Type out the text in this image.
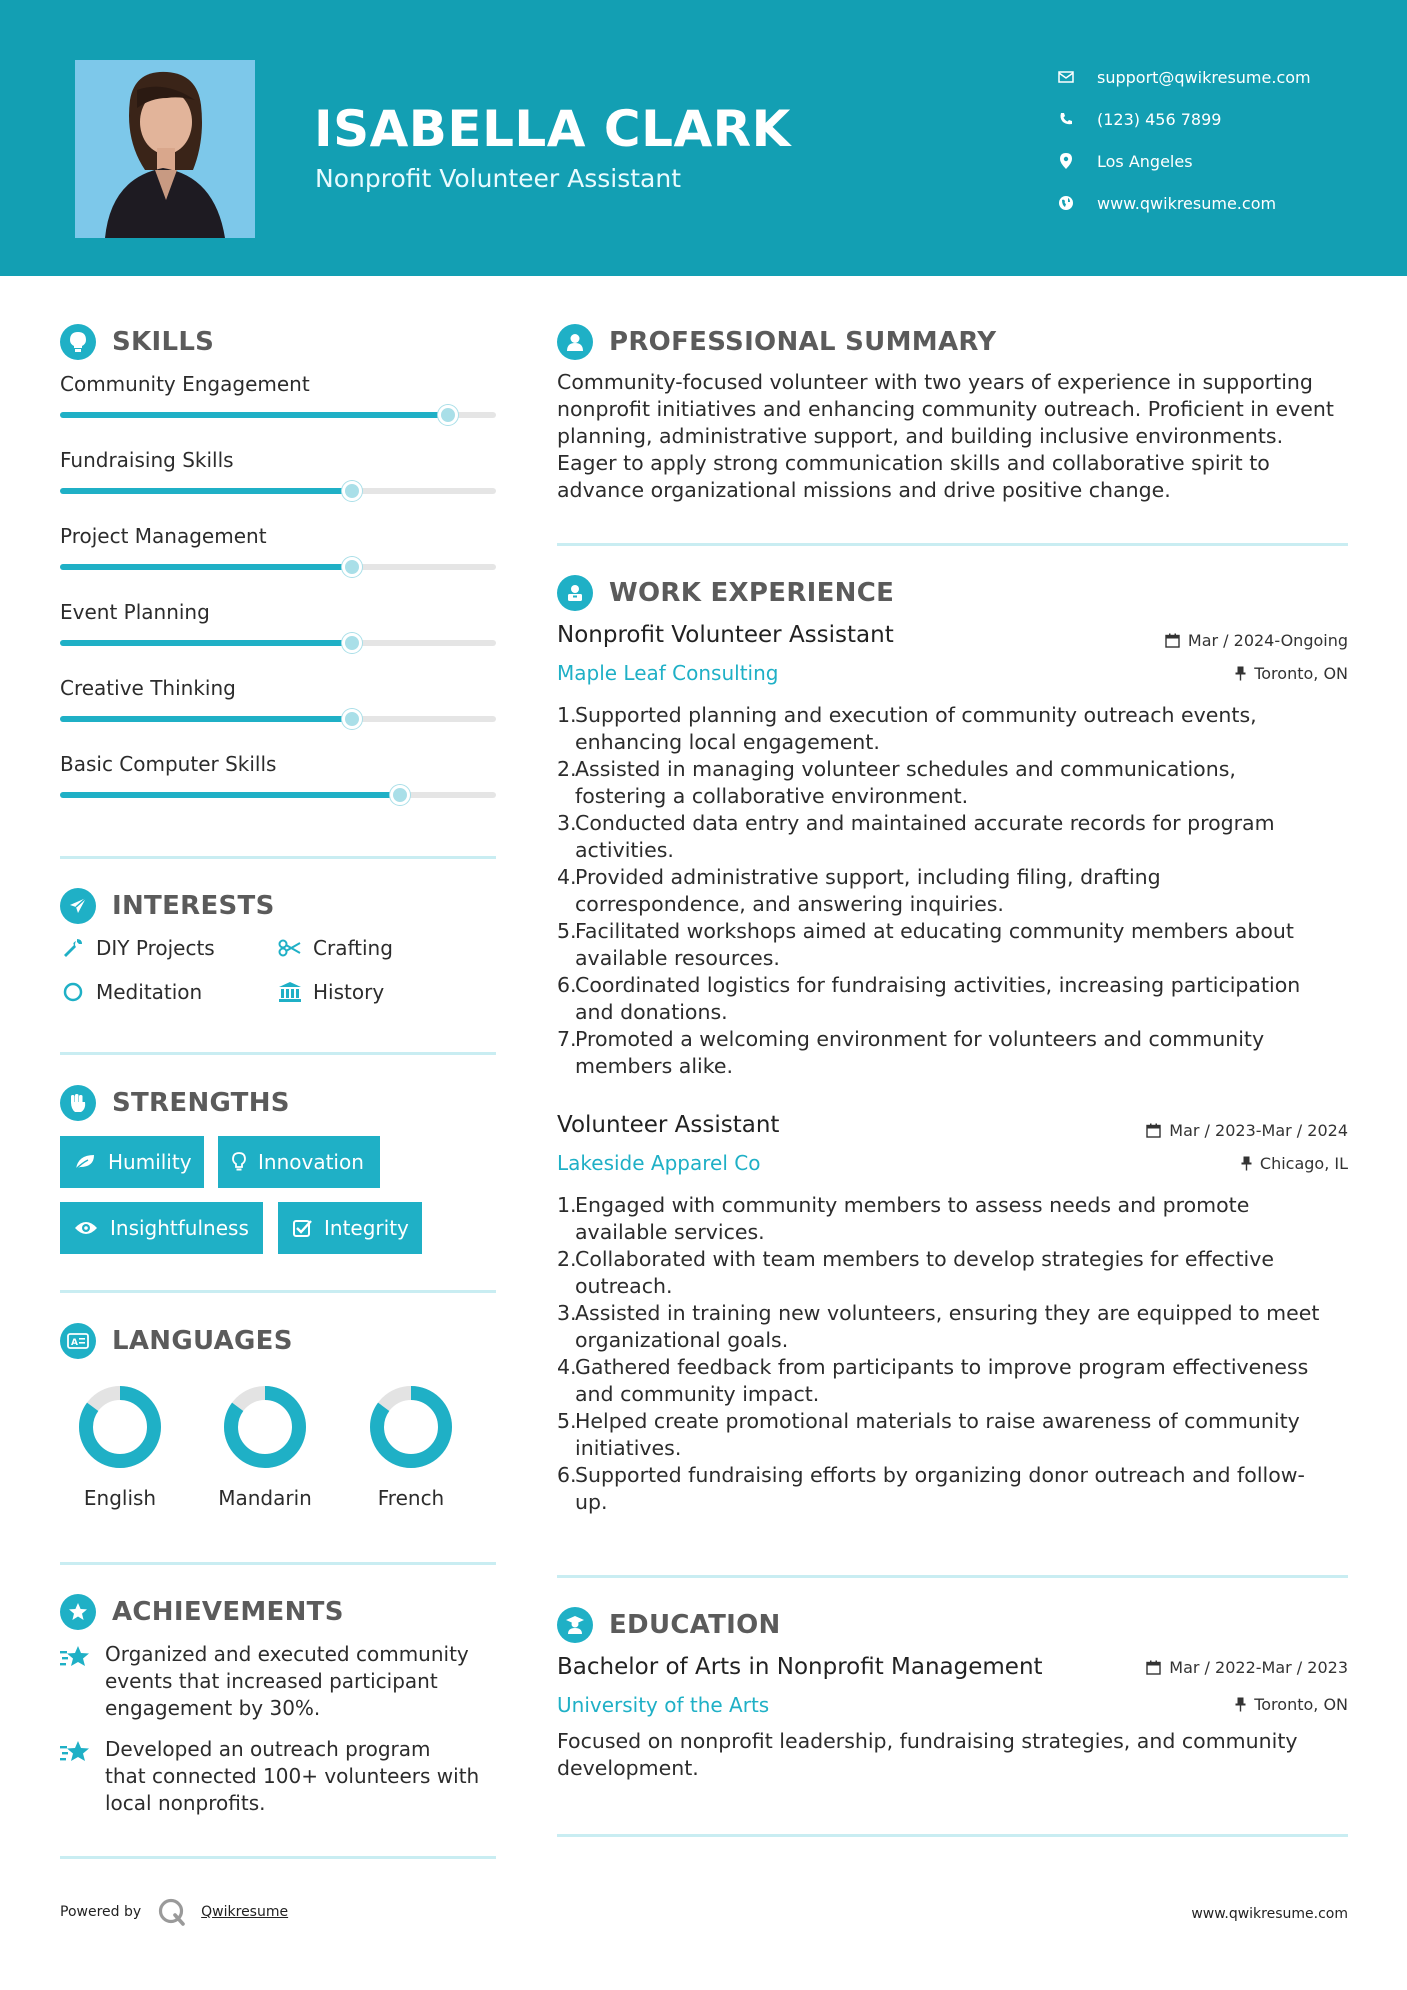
ISABELLA CLARK
Nonprofit Volunteer Assistant
support@qwikresume.com
(123) 456 7899
Los Angeles
www.qwikresume.com
SKILLS
Community Engagement
Fundraising Skills
Project Management
Event Planning
Creative Thinking
Basic Computer Skills
INTERESTS
DIY Projects	Crafting
Meditation	History
STRENGTHS
Humility	Innovation
Insightfulness	Integrity
A LANGUAGES
English	Mandarin	French
ACHIEVEMENTS
Organized and executed community
events that increased participant
engagement by 30%.
Developed an outreach program
that connected 100+ volunteers with
local nonprofits.
PROFESSIONAL SUMMARY
Community-focused volunteer with two years of experience in supporting
nonprofit initiatives and enhancing community outreach. Proficient in event
planning, administrative support, and building inclusive environments.
Eager to apply strong communication skills and collaborative spirit to
advance organizational missions and drive positive change.
WORK EXPERIENCE
Nonprofit Volunteer Assistant
Maple Leaf Consulting
Mar / 2024-Ongoing
Toronto, ON
1.
Supported planning and execution of community outreach events,
enhancing local engagement.
2.
Assisted in managing volunteer schedules and communications,
fostering a collaborative environment.
3.
Conducted data entry and maintained accurate records for program
activities.
4.
Provided administrative support, including filing, drafting
correspondence, and answering inquiries.
5.
Facilitated workshops aimed at educating community members about
available resources.
6.
Coordinated logistics for fundraising activities, increasing participation
and donations.
7.
Promoted a welcoming environment for volunteers and community
members alike.
Volunteer Assistant
Lakeside Apparel Co
Mar / 2023-Mar / 2024
Chicago, IL
1.
Engaged with community members to assess needs and promote
available services.
2.
Collaborated with team members to develop strategies for effective
outreach.
3.
Assisted in training new volunteers, ensuring they are equipped to meet
organizational goals.
4.
Gathered feedback from participants to improve program effectiveness
and community impact.
5.
Helped create promotional materials to raise awareness of community
initiatives.
6.
Supported fundraising efforts by organizing donor outreach and follow-
up.
EDUCATION
Bachelor of Arts in Nonprofit Management
University of the Arts
Mar / 2022-Mar / 2023
Toronto, ON
Focused on nonprofit leadership, fundraising strategies, and community
development.
Powered by	Qwikresume	www.qwikresume.com
